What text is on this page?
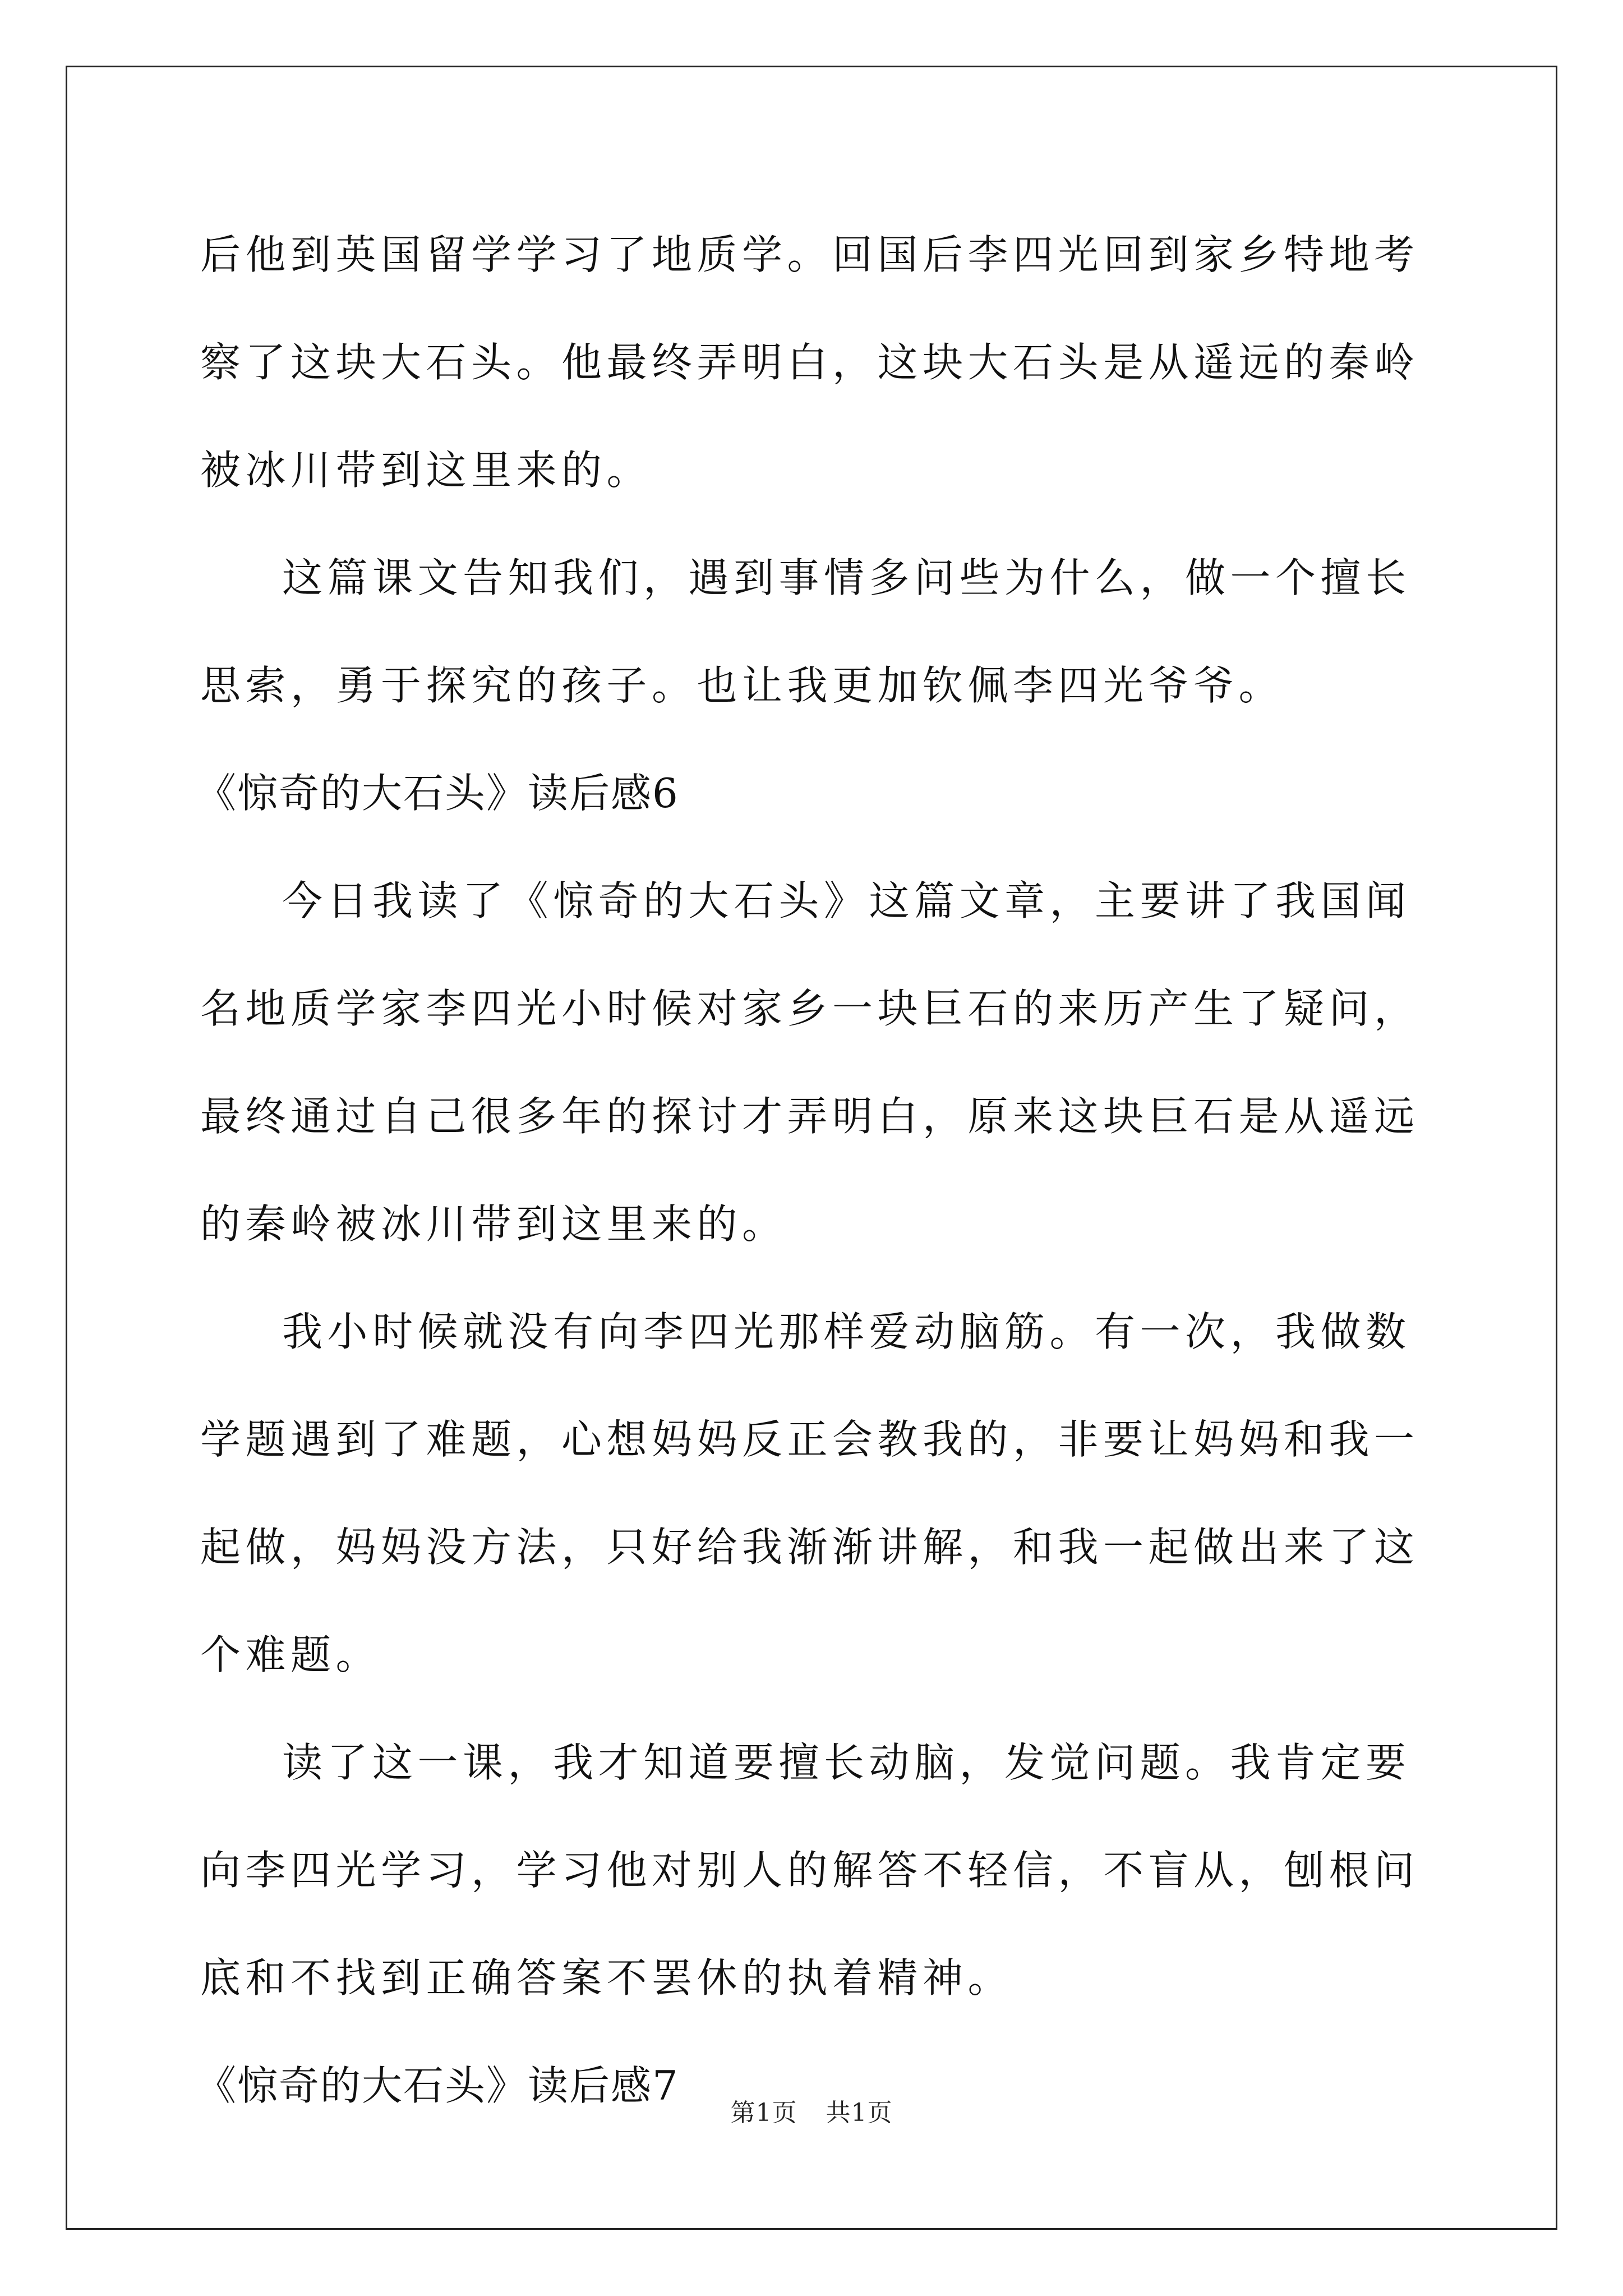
后他到英国留学学习了地质学。回国后李四光回到家乡特地考察了这块大石头。他最终弄明白，这块大石头是从遥远的秦岭被冰川带到这里来的。

这篇课文告知我们，遇到事情多问些为什么，做一个擅长思索，勇于探究的孩子。也让我更加钦佩李四光爷爷。

《惊奇的大石头》读后感6

今日我读了《惊奇的大石头》这篇文章，主要讲了我国闻名地质学家李四光小时候对家乡一块巨石的来历产生了疑问，最终通过自己很多年的探讨才弄明白，原来这块巨石是从遥远的秦岭被冰川带到这里来的。

我小时候就没有向李四光那样爱动脑筋。有一次，我做数学题遇到了难题，心想妈妈反正会教我的，非要让妈妈和我一起做，妈妈没方法，只好给我渐渐讲解，和我一起做出来了这个难题。

读了这一课，我才知道要擅长动脑，发觉问题。我肯定要向李四光学习，学习他对别人的解答不轻信，不盲从，刨根问底和不找到正确答案不罢休的执着精神。

《惊奇的大石头》读后感7

第1页 共1页
